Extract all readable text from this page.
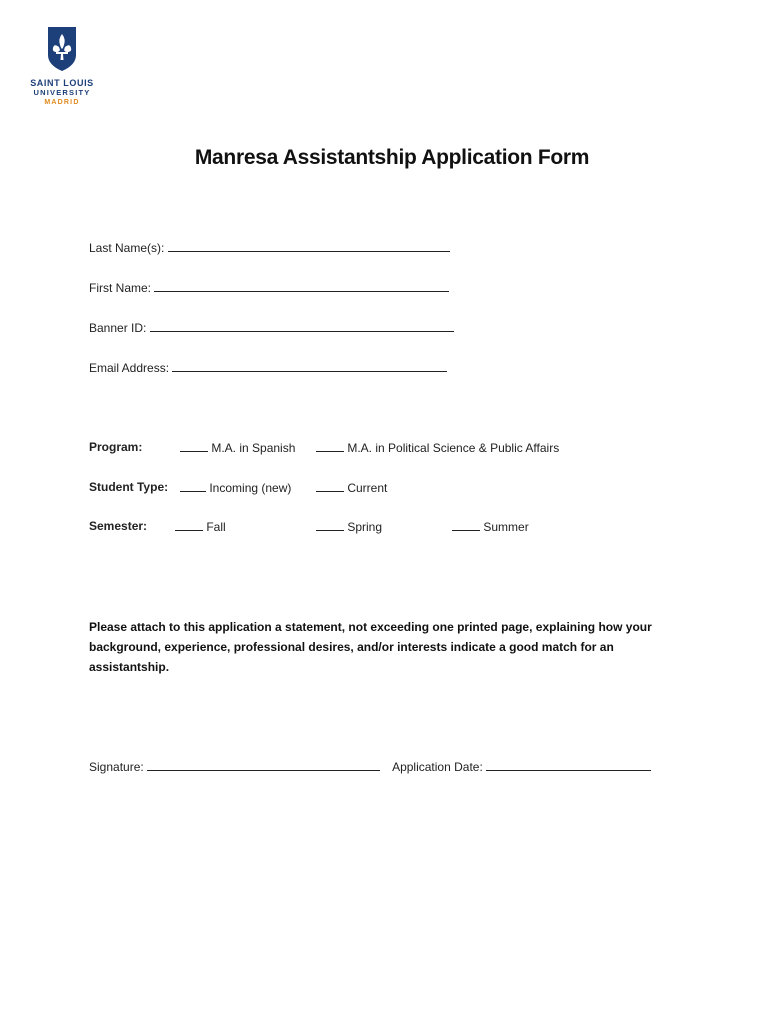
SAINT LOUIS
UNIVERSITY
MADRID
Manresa Assistantship Application Form
Last Name(s):
First Name:
Banner ID:
Email Address:
Program:	M.A. in Spanish	M.A. in Political Science & Public Affairs
Student Type:	Incoming (new)	Current
Semester:	Fall	Spring	Summer
Please attach to this application a statement, not exceeding one printed page, explaining how your background, experience, professional desires, and/or interests indicate a good match for an assistantship.
Signature:	Application Date:
